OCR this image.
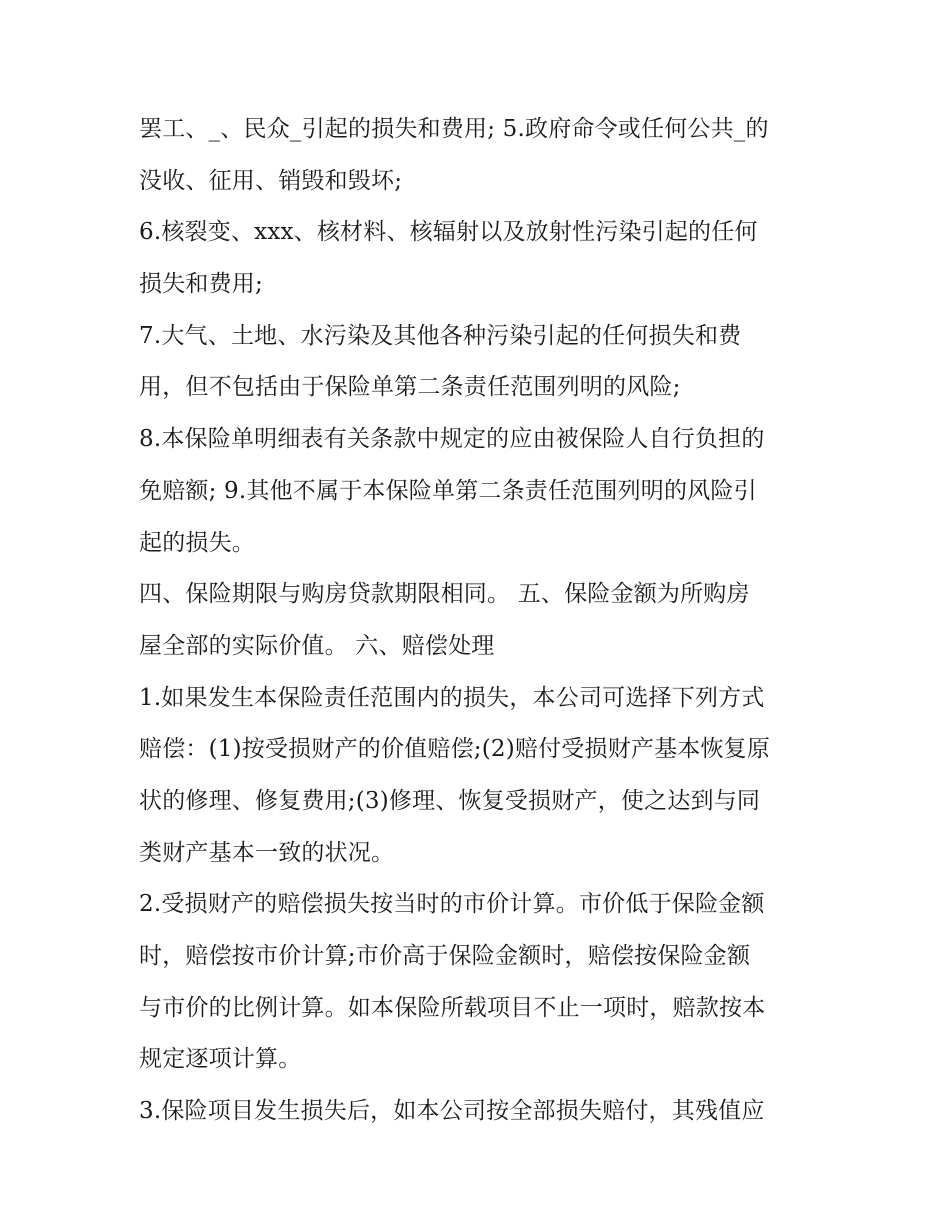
罢工、_、民众_引起的损失和费用; 5.政府命令或任何公共_的
没收、征用、销毁和毁坏;
6.核裂变、xxx、核材料、核辐射以及放射性污染引起的任何
损失和费用;
7.大气、土地、水污染及其他各种污染引起的任何损失和费
用，但不包括由于保险单第二条责任范围列明的风险;
8.本保险单明细表有关条款中规定的应由被保险人自行负担的
免赔额; 9.其他不属于本保险单第二条责任范围列明的风险引
起的损失。
四、保险期限与购房贷款期限相同。 五、保险金额为所购房
屋全部的实际价值。 六、赔偿处理
1.如果发生本保险责任范围内的损失，本公司可选择下列方式
赔偿：(1)按受损财产的价值赔偿;(2)赔付受损财产基本恢复原
状的修理、修复费用;(3)修理、恢复受损财产，使之达到与同
类财产基本一致的状况。
2.受损财产的赔偿损失按当时的市价计算。市价低于保险金额
时，赔偿按市价计算;市价高于保险金额时，赔偿按保险金额
与市价的比例计算。如本保险所载项目不止一项时，赔款按本
规定逐项计算。
3.保险项目发生损失后，如本公司按全部损失赔付，其残值应
